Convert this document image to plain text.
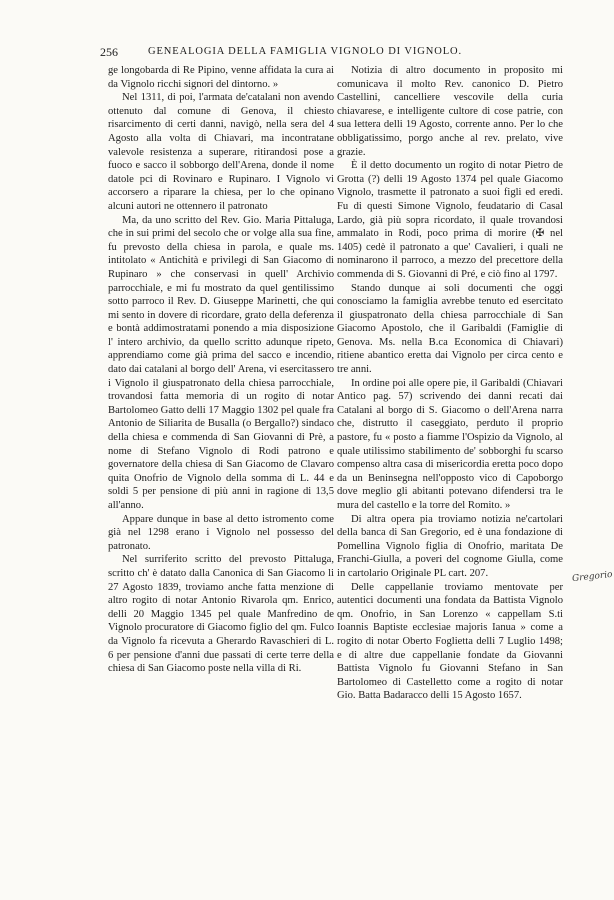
256	GENEALOGIA DELLA FAMIGLIA VIGNOLO DI VIGNOLO.

ge longobarda di Re Pipino, venne affidata la cura ai da Vignolo ricchi signori del dintorno. »

Nel 1311, di poi, l'armata de'catalani non avendo ottenuto dal comune di Genova, il chiesto risarcimento di certi danni, navigò, nella sera del 4 Agosto alla volta di Chiavari, ma incontratane valevole resistenza a superare, ritirandosi pose a fuoco e sacco il sobborgo dell'Arena, donde il nome datole pci di Rovinaro e Rupinaro. I Vignolo vi accorsero a riparare la chiesa, per lo che opinano alcuni autori ne ottennero il patronato

Ma, da uno scritto del Rev. Gio. Maria Pittaluga, che in sui primi del secolo che or volge alla sua fine, fu prevosto della chiesa in parola, e quale ms. intitolato « Antichità e privilegi di San Giacomo di Rupinaro » che conservasi in quell' Archivio parrocchiale, e mi fu mostrato da quel gentilissimo sotto parroco il Rev. D. Giuseppe Marinetti, che qui mi sento in dovere di ricordare, grato della deferenza e bontà addimostratami ponendo a mia disposizione l' intero archivio, da quello scritto adunque ripeto, apprendiamo come già prima del sacco e incendio, dato dai catalani al borgo dell' Arena, vi esercitassero i Vignolo il giuspatronato della chiesa parrocchiale, trovandosi fatta memoria di un rogito di notar Bartolomeo Gatto delli 17 Maggio 1302 pel quale fra Antonio de Siliarita de Busalla (o Bergallo?) sindaco della chiesa e commenda di San Giovanni di Prè, a nome di Stefano Vignolo di Rodi patrono e governatore della chiesa di San Giacomo de Clavaro quita Onofrio de Vignolo della somma di L. 44 e soldi 5 per pensione di più anni in ragione di 13,5 all'anno.

Appare dunque in base al detto istromento come già nel 1298 erano i Vignolo nel possesso del patronato.

Nel surriferito scritto del prevosto Pittaluga, scritto ch' è datato dalla Canonica di San Giacomo li 27 Agosto 1839, troviamo anche fatta menzione di altro rogito di notar Antonio Rivarola qm. Enrico, delli 20 Maggio 1345 pel quale Manfredino de Vignolo procuratore di Giacomo figlio del qm. Fulco da Vignolo fa ricevuta a Gherardo Ravaschieri di L. 6 per pensione d'anni due passati di certe terre della chiesa di San Giacomo poste nella villa di Ri.

Notizia di altro documento in proposito mi comunicava il molto Rev. canonico D. Pietro Castellini, cancelliere vescovile della curia chiavarese, e intelligente cultore di cose patrie, con sua lettera delli 19 Agosto, corrente anno. Per lo che obbligatissimo, porgo anche al rev. prelato, vive grazie.

È il detto documento un rogito di notar Pietro de Grotta (?) delli 19 Agosto 1374 pel quale Giacomo Vignolo, trasmette il patronato a suoi figli ed eredi. Fu di questi Simone Vignolo, feudatario di Casal Lardo, già più sopra ricordato, il quale trovandosi ammalato in Rodi, poco prima di morire (✠ nel 1405) cedè il patronato a que' Cavalieri, i quali ne nominarono il parroco, a mezzo del precettore della commenda di S. Giovanni di Pré, e ciò fino al 1797.

Stando dunque ai soli documenti che oggi conosciamo la famiglia avrebbe tenuto ed esercitato il giuspatronato della chiesa parrocchiale di San Giacomo Apostolo, che il Garibaldi (Famiglie di Genova. Ms. nella B.ca Economica di Chiavari) ritiene abantico eretta dai Vignolo per circa cento e tre anni.

In ordine poi alle opere pie, il Garibaldi (Chiavari Antico pag. 57) scrivendo dei danni recati dai Catalani al borgo di S. Giacomo o dell'Arena narra che, distrutto il caseggiato, perduto il proprio pastore, fu « posto a fiamme l'Ospizio da Vignolo, al quale utilissimo stabilimento de' sobborghi fu scarso compenso altra casa di misericordia eretta poco dopo da un Beninsegna nell'opposto vico di Capoborgo dove meglio gli abitanti potevano difendersi tra le mura del castello e la torre del Romito. »

Di altra opera pia troviamo notizia ne'cartolari della banca di San Gregorio, ed è una fondazione di Pomellina Vignolo figlia di Onofrio, maritata De Franchi-Giulla, a poveri del cognome Giulla, come in cartolario Originale PL cart. 207.

Delle cappellanie troviamo mentovate per autentici documenti una fondata da Battista Vignolo qm. Onofrio, in San Lorenzo « cappellam S.ti Ioannis Baptiste ecclesiae majoris Ianua » come a rogito di notar Oberto Foglietta delli 7 Luglio 1498; e di altre due cappellanie fondate da Giovanni Battista Vignolo fu Giovanni Stefano in San Bartolomeo di Castelletto come a rogito di notar Gio. Batta Badaracco delli 15 Agosto 1657.

Gregorio
